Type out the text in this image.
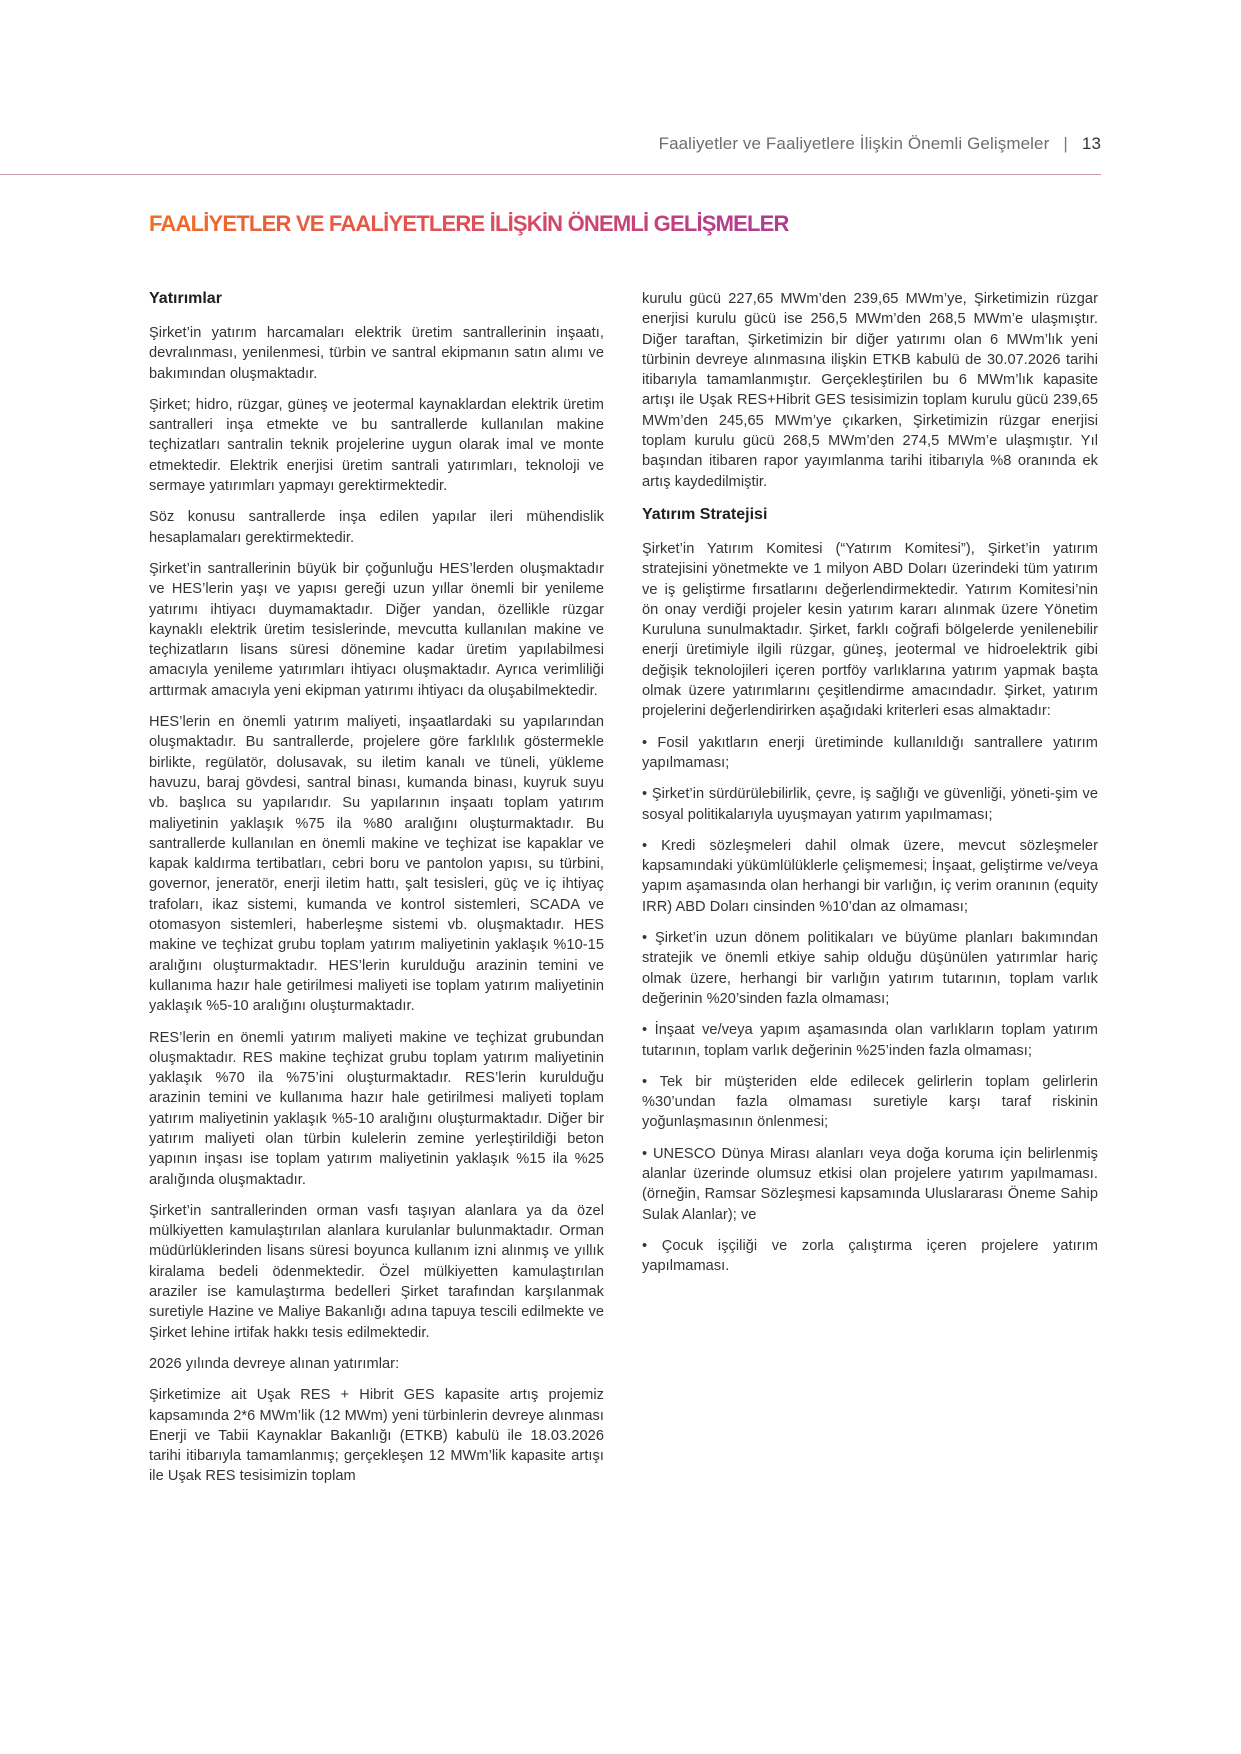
Faaliyetler ve Faaliyetlere İlişkin Önemli Gelişmeler | 13
FAALİYETLER VE FAALİYETLERE İLİŞKİN ÖNEMLİ GELİŞMELER
Yatırımlar

Şirket’in yatırım harcamaları elektrik üretim santrallerinin inşaatı, devralınması, yenilenmesi, türbin ve santral ekipmanın satın alımı ve bakımından oluşmaktadır.

Şirket; hidro, rüzgar, güneş ve jeotermal kaynaklardan elektrik üretim santralleri inşa etmekte ve bu santrallerde kullanılan makine teçhizatları santralin teknik projelerine uygun olarak imal ve monte etmektedir. Elektrik enerjisi üretim santrali yatırımları, teknoloji ve sermaye yatırımları yapmayı gerektirmektedir.

Söz konusu santrallerde inşa edilen yapılar ileri mühendislik hesaplamaları gerektirmektedir.

Şirket’in santrallerinin büyük bir çoğunluğu HES’lerden oluşmaktadır ve HES’lerin yaşı ve yapısı gereği uzun yıllar önemli bir yenileme yatırımı ihtiyacı duymamaktadır. Diğer yandan, özellikle rüzgar kaynaklı elektrik üretim tesislerinde, mevcutta kullanılan makine ve teçhizatların lisans süresi dönemine kadar üretim yapılabilmesi amacıyla yenileme yatırımları ihtiyacı oluşmaktadır. Ayrıca verimliliği arttırmak amacıyla yeni ekipman yatırımı ihtiyacı da oluşabilmektedir.

HES’lerin en önemli yatırım maliyeti, inşaatlardaki su yapılarından oluşmaktadır. Bu santrallerde, projelere göre farklılık göstermekle birlikte, regülatör, dolusavak, su iletim kanalı ve tüneli, yükleme havuzu, baraj gövdesi, santral binası, kumanda binası, kuyruk suyu vb. başlıca su yapılarıdır. Su yapılarının inşaatı toplam yatırım maliyetinin yaklaşık %75 ila %80 aralığını oluşturmaktadır. Bu santrallerde kullanılan en önemli makine ve teçhizat ise kapaklar ve kapak kaldırma tertibatları, cebri boru ve pantolon yapısı, su türbini, governor, jeneratör, enerji iletim hattı, şalt tesisleri, güç ve iç ihtiyaç trafoları, ikaz sistemi, kumanda ve kontrol sistemleri, SCADA ve otomasyon sistemleri, haberleşme sistemi vb. oluşmaktadır. HES makine ve teçhizat grubu toplam yatırım maliyetinin yaklaşık %10-15 aralığını oluşturmaktadır. HES’lerin kurulduğu arazinin temini ve kullanıma hazır hale getirilmesi maliyeti ise toplam yatırım maliyetinin yaklaşık %5-10 aralığını oluşturmaktadır.

RES’lerin en önemli yatırım maliyeti makine ve teçhizat grubundan oluşmaktadır. RES makine teçhizat grubu toplam yatırım maliyetinin yaklaşık %70 ila %75’ini oluşturmaktadır. RES’lerin kurulduğu arazinin temini ve kullanıma hazır hale getirilmesi maliyeti toplam yatırım maliyetinin yaklaşık %5-10 aralığını oluşturmaktadır. Diğer bir yatırım maliyeti olan türbin kulelerin zemine yerleştirildiği beton yapının inşası ise toplam yatırım maliyetinin yaklaşık %15 ila %25 aralığında oluşmaktadır.

Şirket’in santrallerinden orman vasfı taşıyan alanlara ya da özel mülkiyetten kamulaştırılan alanlara kurulanlar bulunmaktadır. Orman müdürlüklerinden lisans süresi boyunca kullanım izni alınmış ve yıllık kiralama bedeli ödenmektedir. Özel mülkiyetten kamulaştırılan araziler ise kamulaştırma bedelleri Şirket tarafından karşılanmak suretiyle Hazine ve Maliye Bakanlığı adına tapuya tescili edilmekte ve Şirket lehine irtifak hakkı tesis edilmektedir.

2026 yılında devreye alınan yatırımlar:

Şirketimize ait Uşak RES + Hibrit GES kapasite artış projemiz kapsamında 2*6 MWm’lik (12 MWm) yeni türbinlerin devreye alınması Enerji ve Tabii Kaynaklar Bakanlığı (ETKB) kabulü ile 18.03.2026 tarihi itibarıyla tamamlanmış; gerçekleşen 12 MWm’lik kapasite artışı ile Uşak RES tesisimizin toplam

kurulu gücü 227,65 MWm’den 239,65 MWm’ye, Şirketimizin rüzgar enerjisi kurulu gücü ise 256,5 MWm’den 268,5 MWm’e ulaşmıştır. Diğer taraftan, Şirketimizin bir diğer yatırımı olan 6 MWm’lık yeni türbinin devreye alınmasına ilişkin ETKB kabulü de 30.07.2026 tarihi itibarıyla tamamlanmıştır. Gerçekleştirilen bu 6 MWm’lık kapasite artışı ile Uşak RES+Hibrit GES tesisimizin toplam kurulu gücü 239,65 MWm’den 245,65 MWm’ye çıkarken, Şirketimizin rüzgar enerjisi toplam kurulu gücü 268,5 MWm’den 274,5 MWm’e ulaşmıştır. Yıl başından itibaren rapor yayımlanma tarihi itibarıyla %8 oranında ek artış kaydedilmiştir.

Yatırım Stratejisi

Şirket’in Yatırım Komitesi (“Yatırım Komitesi”), Şirket’in yatırım stratejisini yönetmekte ve 1 milyon ABD Doları üzerindeki tüm yatırım ve iş geliştirme fırsatlarını değerlendirmektedir. Yatırım Komitesi’nin ön onay verdiği projeler kesin yatırım kararı alınmak üzere Yönetim Kuruluna sunulmaktadır. Şirket, farklı coğrafi bölgelerde yenilenebilir enerji üretimiyle ilgili rüzgar, güneş, jeotermal ve hidroelektrik gibi değişik teknolojileri içeren portföy varlıklarına yatırım yapmak başta olmak üzere yatırımlarını çeşitlendirme amacındadır. Şirket, yatırım projelerini değerlendirirken aşağıdaki kriterleri esas almaktadır:

• Fosil yakıtların enerji üretiminde kullanıldığı santrallere yatırım yapılmaması;

• Şirket’in sürdürülebilirlik, çevre, iş sağlığı ve güvenliği, yöneti-şim ve sosyal politikalarıyla uyuşmayan yatırım yapılmaması;

• Kredi sözleşmeleri dahil olmak üzere, mevcut sözleşmeler kapsamındaki yükümlülüklerle çelişmemesi; İnşaat, geliştirme ve/veya yapım aşamasında olan herhangi bir varlığın, iç verim oranının (equity IRR) ABD Doları cinsinden %10’dan az olmaması;

• Şirket’in uzun dönem politikaları ve büyüme planları bakımından stratejik ve önemli etkiye sahip olduğu düşünülen yatırımlar hariç olmak üzere, herhangi bir varlığın yatırım tutarının, toplam varlık değerinin %20’sinden fazla olmaması;

• İnşaat ve/veya yapım aşamasında olan varlıkların toplam yatırım tutarının, toplam varlık değerinin %25’inden fazla olmaması;

• Tek bir müşteriden elde edilecek gelirlerin toplam gelirlerin %30’undan fazla olmaması suretiyle karşı taraf riskinin yoğunlaşmasının önlenmesi;

• UNESCO Dünya Mirası alanları veya doğa koruma için belirlenmiş alanlar üzerinde olumsuz etkisi olan projelere yatırım yapılmaması. (örneğin, Ramsar Sözleşmesi kapsamında Uluslararası Öneme Sahip Sulak Alanlar); ve

• Çocuk işçiliği ve zorla çalıştırma içeren projelere yatırım yapılmaması.
